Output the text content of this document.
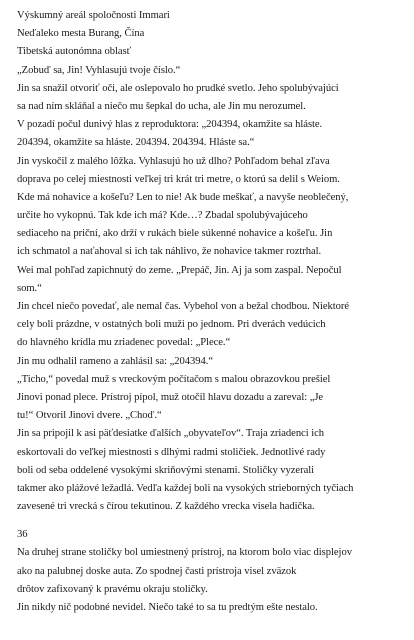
Výskumný areál spoločnosti Immari
Neďaleko mesta Burang, Čína
Tibetská autonómna oblasť
„Zobuď sa, Jin! Vyhlasujú tvoje číslo.“
Jin sa snažil otvoriť oči, ale oslepovalo ho prudké svetlo. Jeho spolubývajúci
sa nad ním skláňal a niečo mu šepkal do ucha, ale Jin mu nerozumel.
V pozadí počul dunivý hlas z reproduktora: „204394, okamžite sa hláste.
204394, okamžite sa hláste. 204394. 204394. Hláste sa.“
Jin vyskočil z malého lôžka. Vyhlasujú ho už dlho? Pohľadom behal zľava
doprava po celej miestnosti veľkej tri krát tri metre, o ktorú sa delil s Weiom.
Kde má nohavice a košeľu? Len to nie! Ak bude meškať, a navyše neoblečený,
určite ho vykopnú. Tak kde ich má? Kde…? Zbadal spolubývajúceho
sediaceho na priční, ako drží v rukách biele súkenné nohavice a košeľu. Jin
ich schmatol a naťahoval si ich tak náhlivo, že nohavice takmer roztrhal.
Wei mal pohľad zapichnutý do zeme. „Prepáč, Jin. Aj ja som zaspal. Nepočul
som.“
Jin chcel niečo povedať, ale nemal čas. Vybehol von a bežal chodbou. Niektoré
cely boli prázdne, v ostatných boli muži po jednom. Pri dverách vedúcich
do hlavného krídla mu zriadenec povedal: „Plece.“
Jin mu odhalil rameno a zahlásil sa: „204394.“
„Ticho,“ povedal muž s vreckovým počítačom s malou obrazovkou prešiel
Jinovi ponad plece. Prístroj pípol, muž otočil hlavu dozadu a zareval: „Je
tu!“ Otvoril Jinovi dvere. „Choď.“
Jin sa pripojil k asi päťdesiatke ďalších „obyvateľov“. Traja zriadenci ich
eskortovali do veľkej miestnosti s dlhými radmi stoličiek. Jednotlivé rady
boli od seba oddelené vysokými skriňovými stenami. Stoličky vyzerali
takmer ako plážové ležadlá. Vedľa každej boli na vysokých strieborných tyčiach
zavesené tri vrecká s čírou tekutinou. Z každého vrecka visela hadička.
36
Na druhej strane stoličky bol umiestnený prístroj, na ktorom bolo viac displejov
ako na palubnej doske auta. Zo spodnej časti prístroja visel zväzok
drôtov zafixovaný k pravému okraju stoličky.
Jin nikdy nič podobné nevidel. Niečo také to sa tu predtým ešte nestalo.
